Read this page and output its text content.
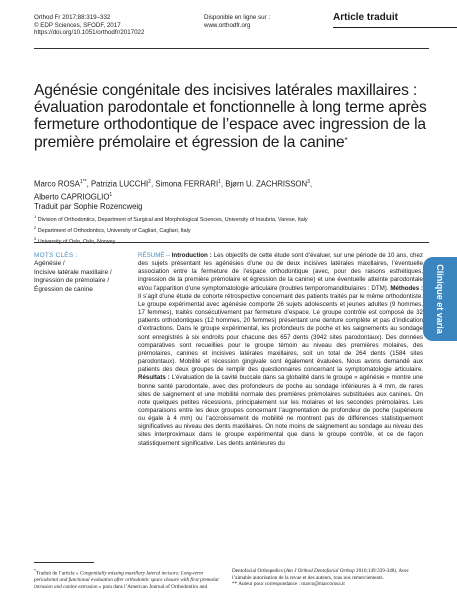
Orthod Fr 2017;88:319–332
© EDP Sciences, SFODF, 2017
https://doi.org/10.1051/orthodfr/2017022
Disponible en ligne sur :
www.orthodfr.org
Article traduit
Agénésie congénitale des incisives latérales maxillaires : évaluation parodontale et fonctionnelle à long terme après fermeture orthodontique de l’espace avec ingression de la première prémolaire et égression de la canine*
Marco $ROSA^{1**}$, Patrizia LUCCHI$^2$, Simona FERRARI$^1$, Bjørn U. ZACHRISSON$^3$,
Alberto CAPRIOGLIO$^1$
Traduit par Sophie Rozencweig
$^1$ Division of Orthodontics, Department of Surgical and Morphological Sciences, University of Insubria, Varese, Italy
$^2$ Department of Orthodontics, University of Cagliari, Cagliari, Italy
$^3$ University of Oslo, Oslo, Norway
MOTS CLÉS :
Agénésie /
Incisive latérale maxillaire /
Ingression de prémolaire /
Égression de canine
RÉSUMÉ – Introduction : Les objectifs de cette étude sont d’évaluer, sur une période de 10 ans, chez des sujets présentant les agénésies d’une ou de deux incisives latérales maxillaires, l’éventuelle association entre la fermeture de l’espace orthodontique (avec, pour des raisons esthétiques, ingression de la première prémolaire et égression de la canine) et une éventuelle atteinte parodontale et/ou l’apparition d’une symptomatologie articulaire (troubles temporomandibulaires : DTM). Méthodes : Il s’agit d’une étude de cohorte rétrospective concernant des patients traités par le même orthodontiste. Le groupe expérimental avec agénésie comporte 26 sujets adolescents et jeunes adultes (9 hommes, 17 femmes), traités consécutivement par fermeture d’espace. Le groupe contrôle est composé de 32 patients orthodontiques (12 hommes, 20 femmes) présentant une denture complète et pas d’indication d’extractions. Dans le groupe expérimental, les profondeurs de poche et les saignements au sondage sont enregistrés à six endroits pour chacune des 657 dents (3942 sites parodontaux). Des données comparatives sont recueillies pour le groupe témoin au niveau des premières molaires, des prémolaires, canines et incisives latérales maxillaires, soit un total de 264 dents (1584 sites parodontaux). Mobilité et récession gingivale sont également évaluées. Nous avons demandé aux patients des deux groupes de remplir des questionnaires concernant la symptomatologie articulaire. Résultats : L’évaluation de la cavité buccale dans sa globalité dans le groupe « agénésie » montre une bonne santé parodontale, avec des profondeurs de poche au sondage inférieures à 4 mm, de rares sites de saignement et une mobilité normale des premières prémolaires substituées aux canines. On note quelques petites récessions, principalement sur les molaires et les secondes prémolaires. Les comparaisons entre les deux groupes concernant l’augmentation de profondeur de poche (supérieure ou égale à 4 mm) ou l’accroissement de mobilité ne montrent pas de différences statistiquement significatives au niveau des dents maxillaires. On note moins de saignement au sondage au niveau des sites interproximaux dans le groupe expérimental que dans le groupe contrôle, et ce de façon statistiquement significative. Les dents antérieures du
Clinique et varia
*Traduit de l’article « Congenitally missing maxillary lateral incisors: Long-term periodontal and functional evaluation after orthodontic space closure with first premolar intrusion and canine extrusion » paru dans l’American Journal of Orthodontics and
Dentofacial Orthopedics (Am J Orthod Dentofacial Orthop 2016;149:339-348). Avec l’aimable autorisation de la revue et des auteurs, tous nos remerciements.
** Auteur pour correspondance : marco@marcorosa.it
